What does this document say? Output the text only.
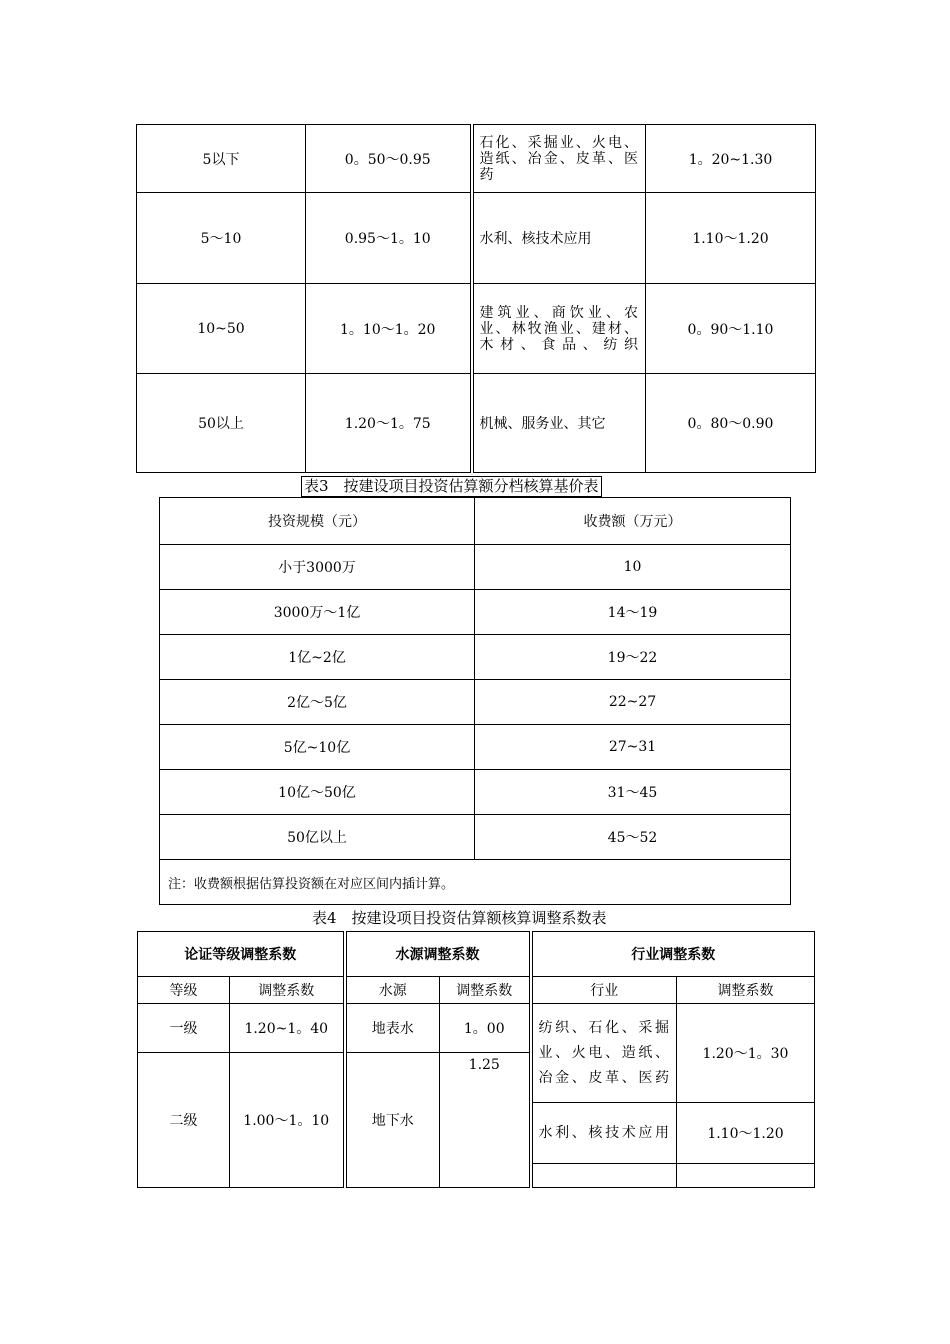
5以下	0。50～0.95	石化、采掘业、火电、造纸、冶金、皮革、医药	1。20~1.30
5～10	0.95～1。10	水利、核技术应用	1.10～1.20
10~50	1。10～1。20	建筑业、商饮业、农业、林牧渔业、建材、木材、食品、纺织	0。90～1.10
50以上	1.20～1。75	机械、服务业、其它	0。80～0.90
表3　按建设项目投资估算额分档核算基价表
投资规模（元）	收费额（万元）
小于3000万	10
3000万～1亿	14～19
1亿~2亿	19～22
2亿～5亿	22~27
5亿~10亿	27~31
10亿～50亿	31～45
50亿以上	45～52
注：收费额根据估算投资额在对应区间内插计算。	
表4　按建设项目投资估算额核算调整系数表
论证等级调整系数		水源调整系数		行业调整系数	
等级	调整系数	水源	调整系数	行业	调整系数
一级	1.20~1。40	地表水	1。00	纺织、石化、采掘业、火电、造纸、冶金、皮革、医药	1.20～1。30
二级	1.00～1。10	地下水	1.25		
				水利、核技术应用	1.10～1.20
